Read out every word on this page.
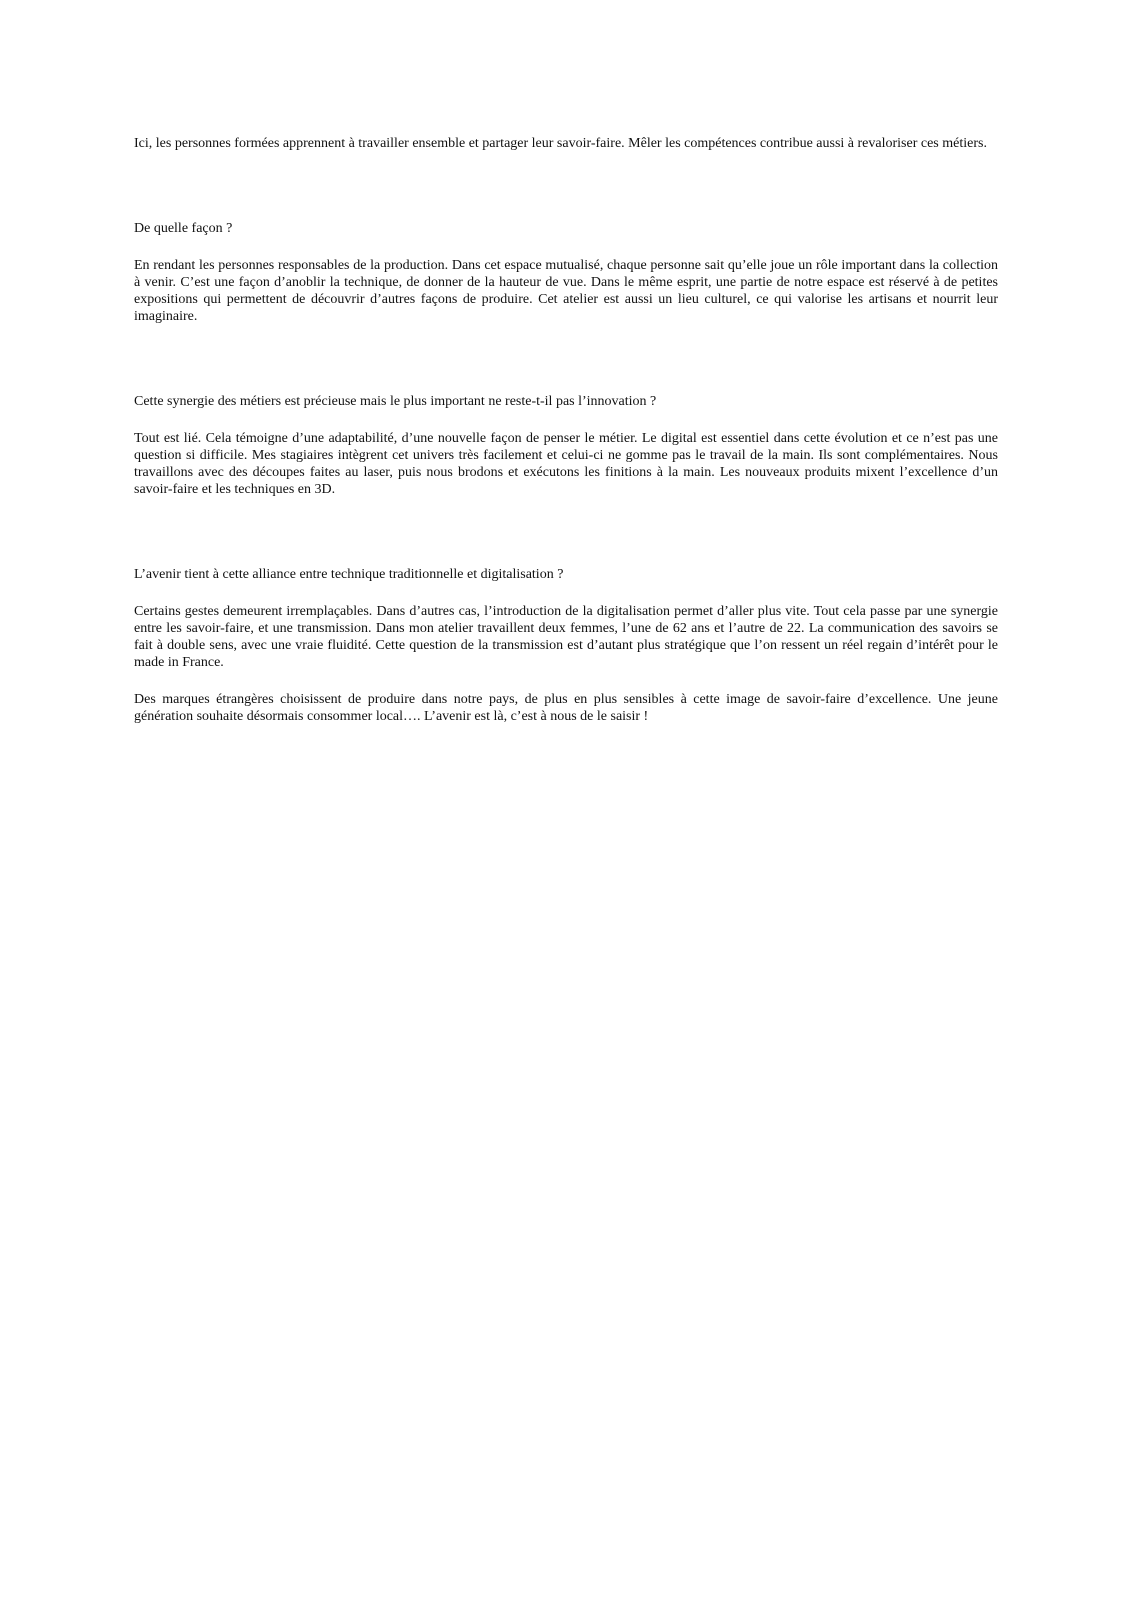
Ici, les personnes formées apprennent à travailler ensemble et partager leur savoir-faire. Mêler les compétences contribue aussi à revaloriser ces métiers.

De quelle façon ?

En rendant les personnes responsables de la production. Dans cet espace mutualisé, chaque personne sait qu’elle joue un rôle important dans la collection à venir. C’est une façon d’anoblir la technique, de donner de la hauteur de vue. Dans le même esprit, une partie de notre espace est réservé à de petites expositions qui permettent de découvrir d’autres façons de produire. Cet atelier est aussi un lieu culturel, ce qui valorise les artisans et nourrit leur imaginaire.

Cette synergie des métiers est précieuse mais le plus important ne reste-t-il pas l’innovation ?

Tout est lié. Cela témoigne d’une adaptabilité, d’une nouvelle façon de penser le métier. Le digital est essentiel dans cette évolution et ce n’est pas une question si difficile. Mes stagiaires intègrent cet univers très facilement et celui-ci ne gomme pas le travail de la main. Ils sont complémentaires. Nous travaillons avec des découpes faites au laser, puis nous brodons et exécutons les finitions à la main. Les nouveaux produits mixent l’excellence d’un savoir-faire et les techniques en 3D.

L’avenir tient à cette alliance entre technique traditionnelle et digitalisation ?

Certains gestes demeurent irremplaçables. Dans d’autres cas, l’introduction de la digitalisation permet d’aller plus vite. Tout cela passe par une synergie entre les savoir-faire, et une transmission. Dans mon atelier travaillent deux femmes, l’une de 62 ans et l’autre de 22. La communication des savoirs se fait à double sens, avec une vraie fluidité. Cette question de la transmission est d’autant plus stratégique que l’on ressent un réel regain d’intérêt pour le made in France.

Des marques étrangères choisissent de produire dans notre pays, de plus en plus sensibles à cette image de savoir-faire d’excellence. Une jeune génération souhaite désormais consommer local…. L’avenir est là, c’est à nous de le saisir !
